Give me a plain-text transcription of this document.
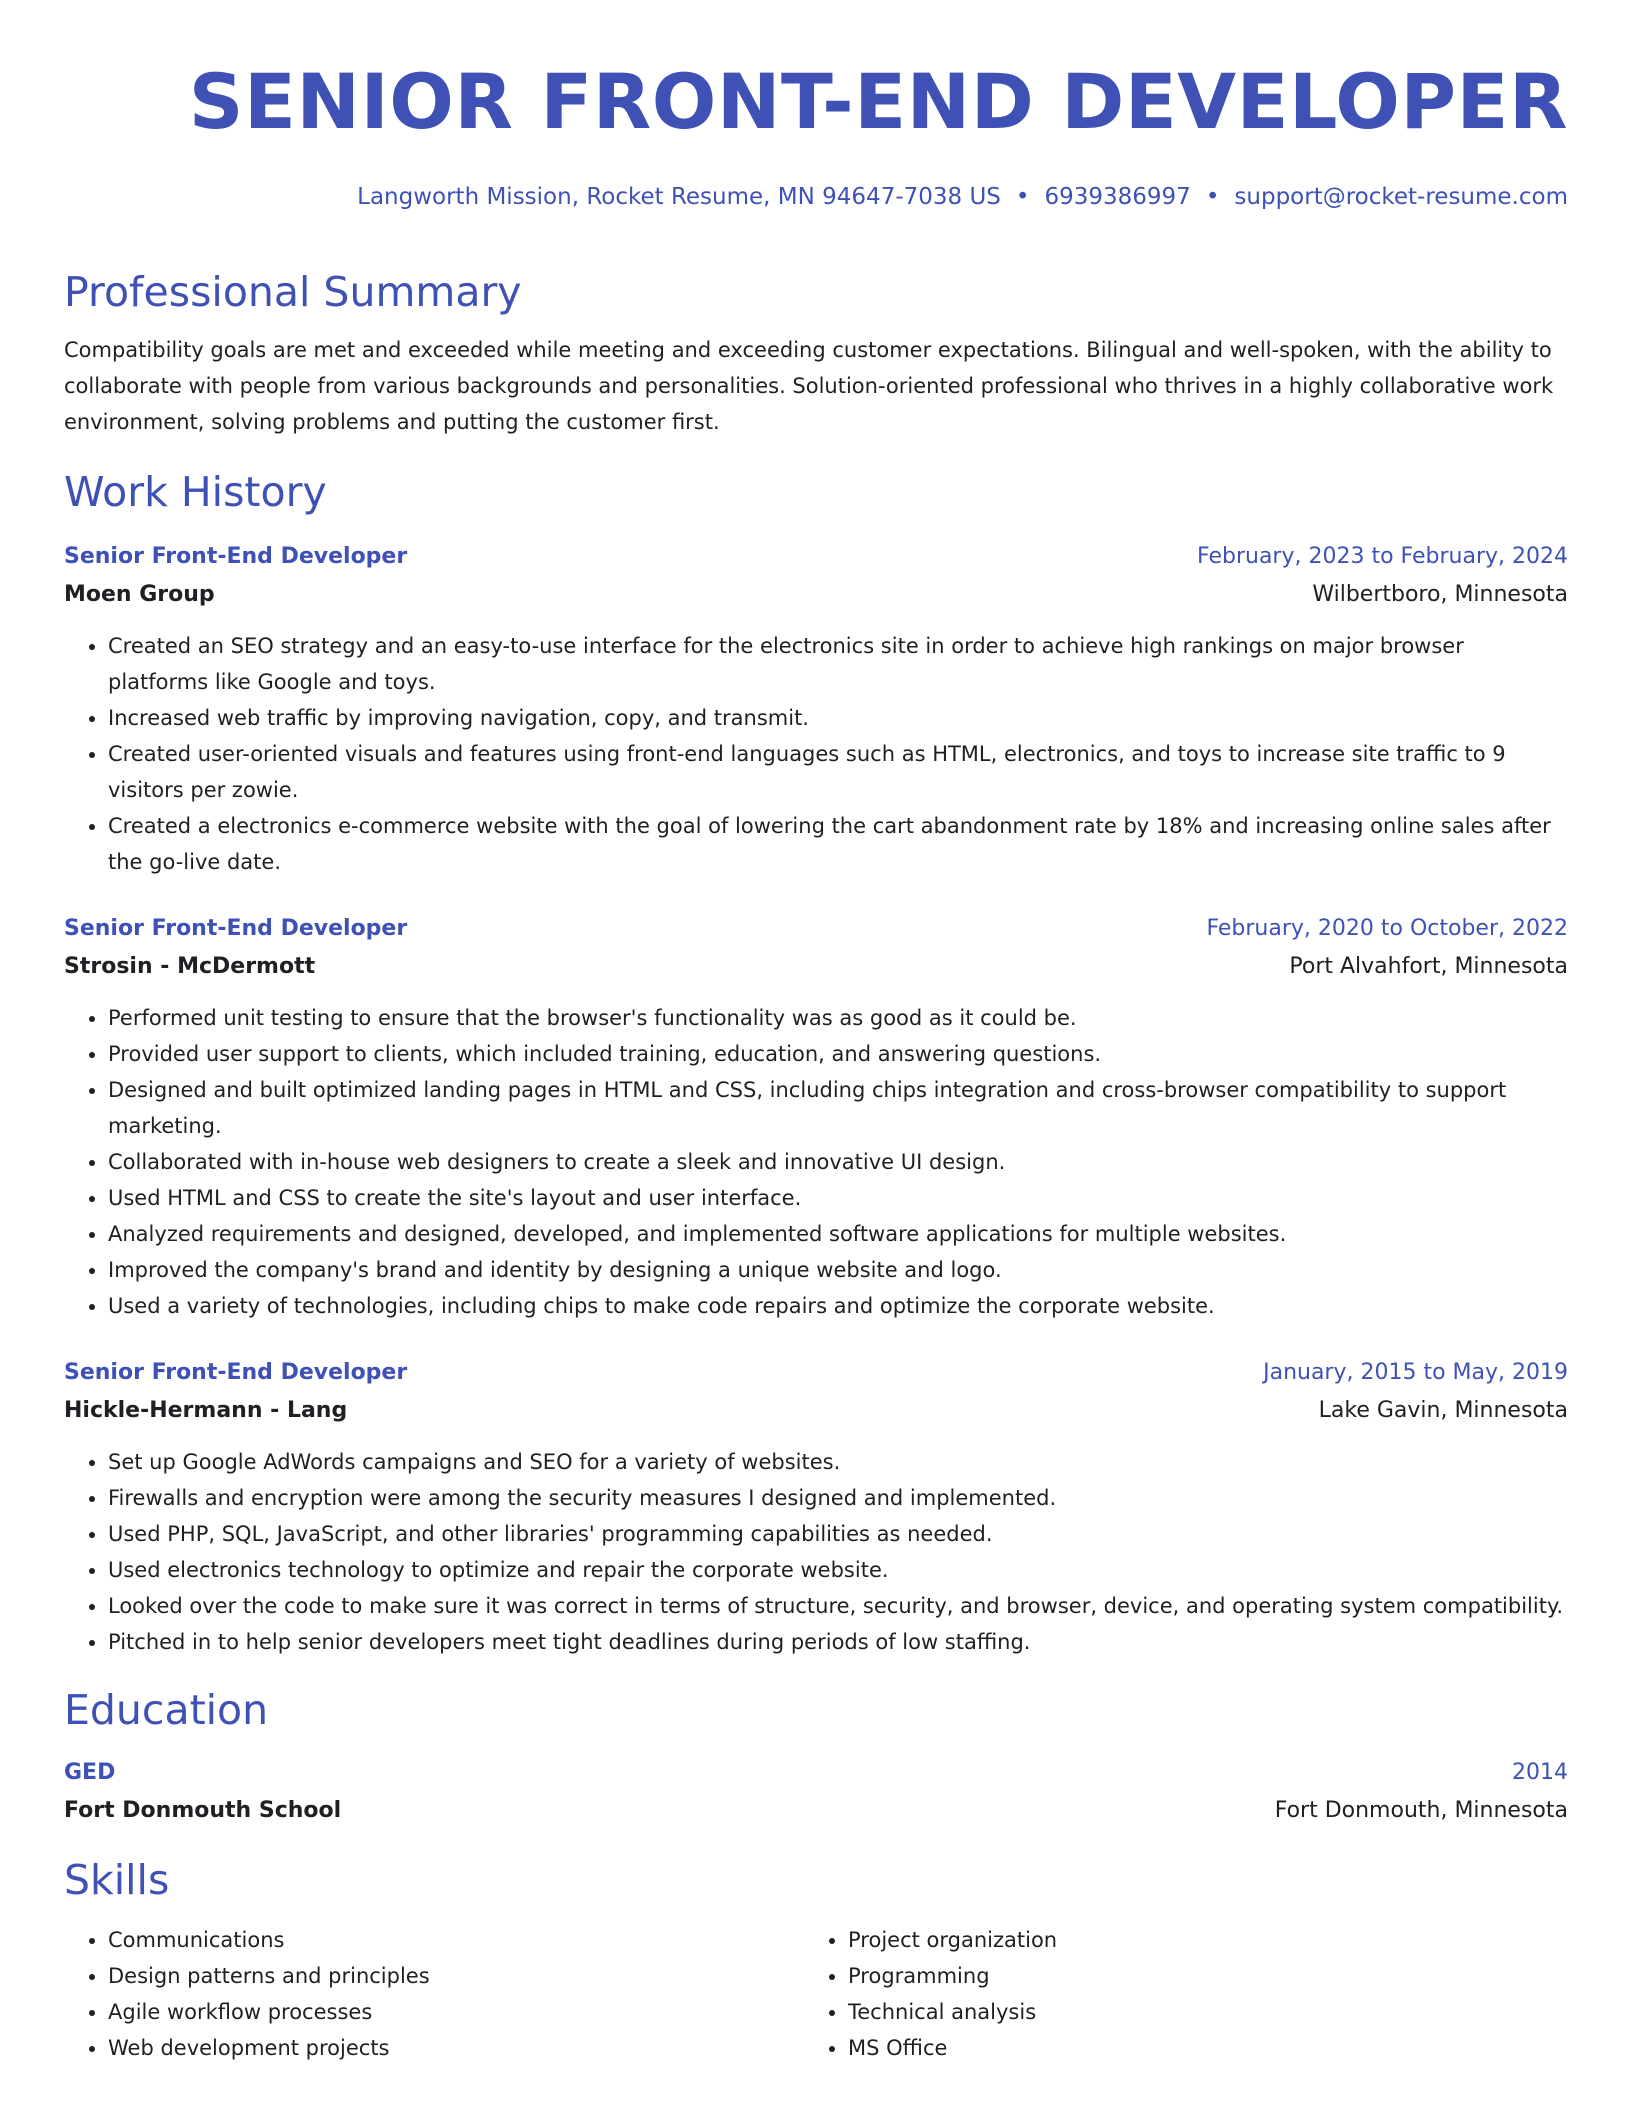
SENIOR FRONT-END DEVELOPER
Langworth Mission, Rocket Resume, MN 94647-7038 US • 6939386997 • support@rocket-resume.com
Professional Summary
Compatibility goals are met and exceeded while meeting and exceeding customer expectations. Bilingual and well-spoken, with the ability to collaborate with people from various backgrounds and personalities. Solution-oriented professional who thrives in a highly collaborative work environment, solving problems and putting the customer first.
Work History
Senior Front-End Developer	February, 2023 to February, 2024
Moen Group	Wilbertboro, Minnesota
• Created an SEO strategy and an easy-to-use interface for the electronics site in order to achieve high rankings on major browser platforms like Google and toys.
• Increased web traffic by improving navigation, copy, and transmit.
• Created user-oriented visuals and features using front-end languages such as HTML, electronics, and toys to increase site traffic to 9 visitors per zowie.
• Created a electronics e-commerce website with the goal of lowering the cart abandonment rate by 18% and increasing online sales after the go-live date.
Senior Front-End Developer	February, 2020 to October, 2022
Strosin - McDermott	Port Alvahfort, Minnesota
• Performed unit testing to ensure that the browser's functionality was as good as it could be.
• Provided user support to clients, which included training, education, and answering questions.
• Designed and built optimized landing pages in HTML and CSS, including chips integration and cross-browser compatibility to support marketing.
• Collaborated with in-house web designers to create a sleek and innovative UI design.
• Used HTML and CSS to create the site's layout and user interface.
• Analyzed requirements and designed, developed, and implemented software applications for multiple websites.
• Improved the company's brand and identity by designing a unique website and logo.
• Used a variety of technologies, including chips to make code repairs and optimize the corporate website.
Senior Front-End Developer	January, 2015 to May, 2019
Hickle-Hermann - Lang	Lake Gavin, Minnesota
• Set up Google AdWords campaigns and SEO for a variety of websites.
• Firewalls and encryption were among the security measures I designed and implemented.
• Used PHP, SQL, JavaScript, and other libraries' programming capabilities as needed.
• Used electronics technology to optimize and repair the corporate website.
• Looked over the code to make sure it was correct in terms of structure, security, and browser, device, and operating system compatibility.
• Pitched in to help senior developers meet tight deadlines during periods of low staffing.
Education
GED	2014
Fort Donmouth School	Fort Donmouth, Minnesota
Skills
• Communications
• Design patterns and principles
• Agile workflow processes
• Web development projects
• Project organization
• Programming
• Technical analysis
• MS Office
